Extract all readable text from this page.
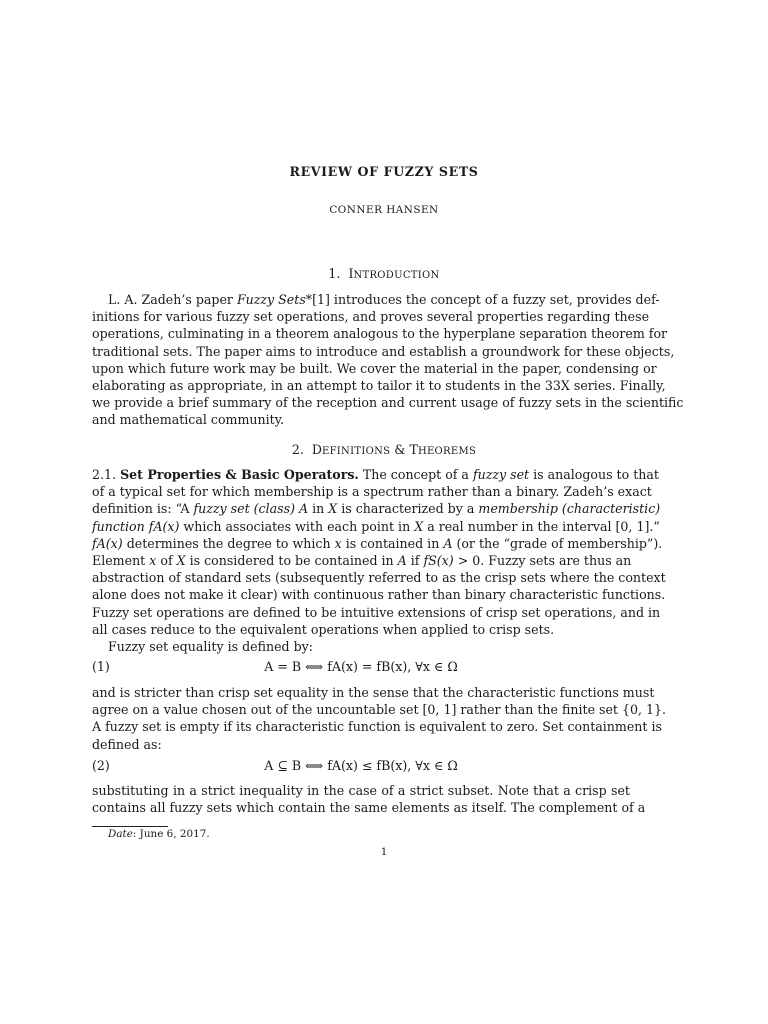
REVIEW OF FUZZY SETS
CONNER HANSEN
1. INTRODUCTION

L. A. Zadeh’s paper Fuzzy Sets*[1] introduces the concept of a fuzzy set, provides def-

initions for various fuzzy set operations, and proves several properties regarding these

operations, culminating in a theorem analogous to the hyperplane separation theorem for

traditional sets. The paper aims to introduce and establish a groundwork for these objects,

upon which future work may be built. We cover the material in the paper, condensing or

elaborating as appropriate, in an attempt to tailor it to students in the 33X series. Finally,

we provide a brief summary of the reception and current usage of fuzzy sets in the scientific

and mathematical community.

2. DEFINITIONS & THEOREMS

2.1. Set Properties & Basic Operators. The concept of a fuzzy set is analogous to that

of a typical set for which membership is a spectrum rather than a binary. Zadeh’s exact

definition is: “A fuzzy set (class) A in X is characterized by a membership (characteristic)

function fA(x) which associates with each point in X a real number in the interval [0, 1].”

fA(x) determines the degree to which x is contained in A (or the “grade of membership”).

Element x of X is considered to be contained in A if fS(x) > 0. Fuzzy sets are thus an

abstraction of standard sets (subsequently referred to as the crisp sets where the context

alone does not make it clear) with continuous rather than binary characteristic functions.

Fuzzy set operations are defined to be intuitive extensions of crisp set operations, and in

all cases reduce to the equivalent operations when applied to crisp sets.

Fuzzy set equality is defined by:

(1)	A = B ⟺ fA(x) = fB(x), ∀x ∈ Ω

and is stricter than crisp set equality in the sense that the characteristic functions must

agree on a value chosen out of the uncountable set [0, 1] rather than the finite set {0, 1}.

A fuzzy set is empty if its characteristic function is equivalent to zero. Set containment is

defined as:

(2)	A ⊆ B ⟺ fA(x) ≤ fB(x), ∀x ∈ Ω

substituting in a strict inequality in the case of a strict subset. Note that a crisp set

contains all fuzzy sets which contain the same elements as itself. The complement of a

Date: June 6, 2017.
1
